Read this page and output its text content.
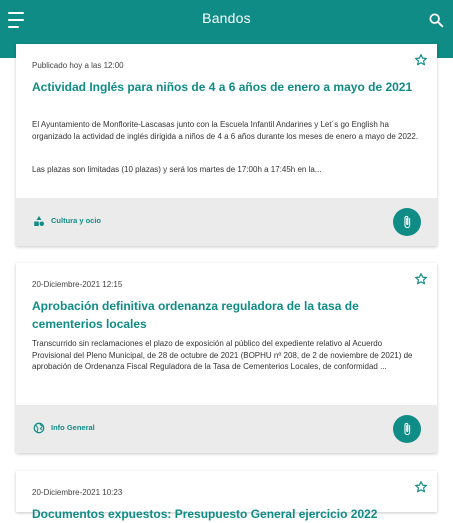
Bandos
Publicado hoy a las 12:00
Actividad Inglés para niños de 4 a 6 años de enero a mayo de 2021
El Ayuntamiento de Monflorite-Lascasas junto con la Escuela Infantil Andarines y Let´s go English ha organizado la actividad de inglés dirigida a niños de 4 a 6 años durante los meses de enero a mayo de 2022.
Las plazas son limitadas (10 plazas) y será los martes de 17:00h a 17:45h en la...
Cultura y ocio
20-Diciembre-2021 12:15
Aprobación definitiva ordenanza reguladora de la tasa de cementerios locales
Transcurrido sin reclamaciones el plazo de exposición al público del expediente relativo al Acuerdo Provisional del Pleno Municipal, de 28 de octubre de 2021 (BOPHU nº 208, de 2 de noviembre de 2021) de aprobación de Ordenanza Fiscal Reguladora de la Tasa de Cementerios Locales, de conformidad ...
Info General
20-Diciembre-2021 10:23
Documentos expuestos: Presupuesto General ejercicio 2022
